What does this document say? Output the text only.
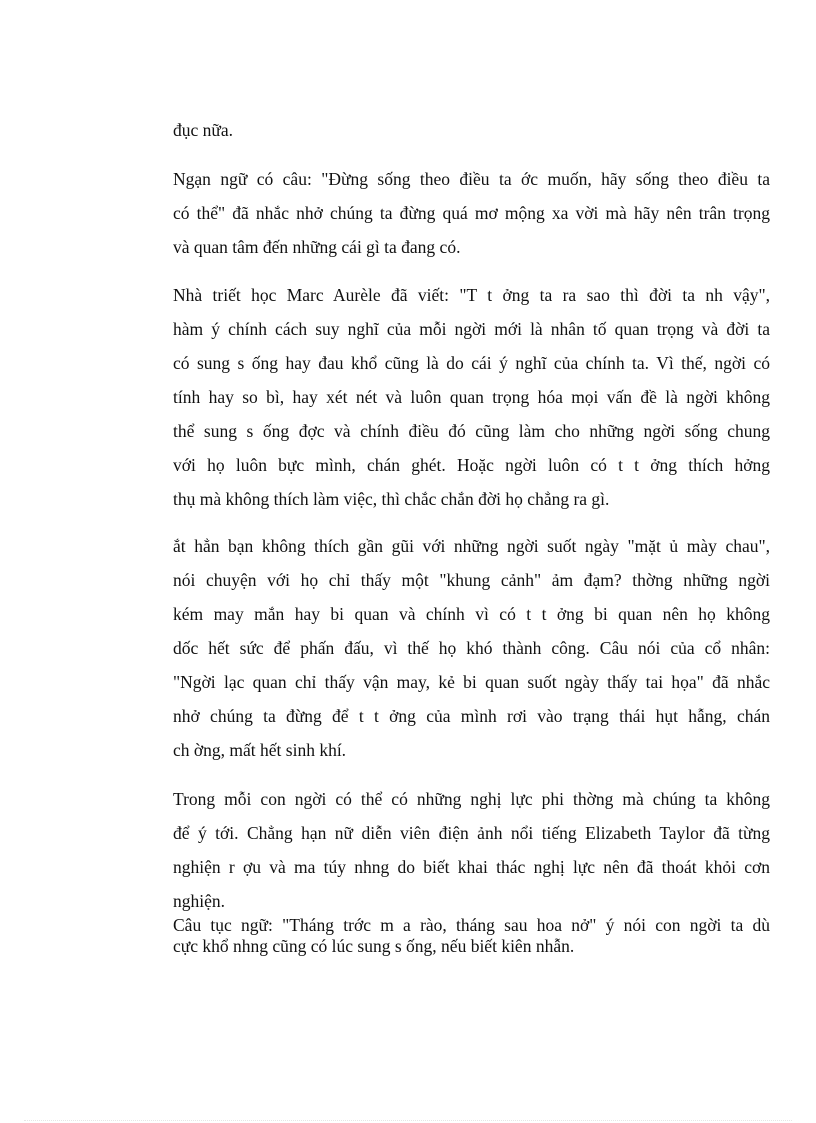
đục nữa.

Ngạn ngữ có câu: "Đừng sống theo điều ta ớc muốn, hãy sống theo điều ta

có thể" đã nhắc nhở chúng ta đừng quá mơ mộng xa vời mà hãy nên trân trọng

và quan tâm đến những cái gì ta đang có.

Nhà triết học Marc Aurèle đã viết: "T t ởng ta ra sao thì đời ta nh vậy",

hàm ý chính cách suy nghĩ của mỗi ngời mới là nhân tố quan trọng và đời ta

có sung s ống hay đau khổ cũng là do cái ý nghĩ của chính ta. Vì thế, ngời có

tính hay so bì, hay xét nét và luôn quan trọng hóa mọi vấn đề là ngời không

thể sung s ống đợc và chính điều đó cũng làm cho những ngời sống chung

với họ luôn bực mình, chán ghét. Hoặc ngời luôn có t t ởng thích hởng

thụ mà không thích làm việc, thì chắc chắn đời họ chẳng ra gì.

ắt hẳn bạn không thích gần gũi với những ngời suốt ngày "mặt ủ mày chau",

nói chuyện với họ chỉ thấy một "khung cảnh" ảm đạm? thờng những ngời

kém may mắn hay bi quan và chính vì có t t ởng bi quan nên họ không

dốc hết sức để phấn đấu, vì thế họ khó thành công. Câu nói của cổ nhân:

"Ngời lạc quan chỉ thấy vận may, kẻ bi quan suốt ngày thấy tai họa" đã nhắc

nhở chúng ta đừng để t t ởng của mình rơi vào trạng thái hụt hẫng, chán

ch ờng, mất hết sinh khí.

Trong mỗi con ngời có thể có những nghị lực phi thờng mà chúng ta không

để ý tới. Chẳng hạn nữ diễn viên điện ảnh nổi tiếng Elizabeth Taylor đã từng

nghiện r ợu và ma túy nhng do biết khai thác nghị lực nên đã thoát khỏi cơn

nghiện.

Câu tục ngữ: "Tháng trớc m a rào, tháng sau hoa nở" ý nói con ngời ta dù

cực khổ nhng cũng có lúc sung s ống, nếu biết kiên nhẫn.
